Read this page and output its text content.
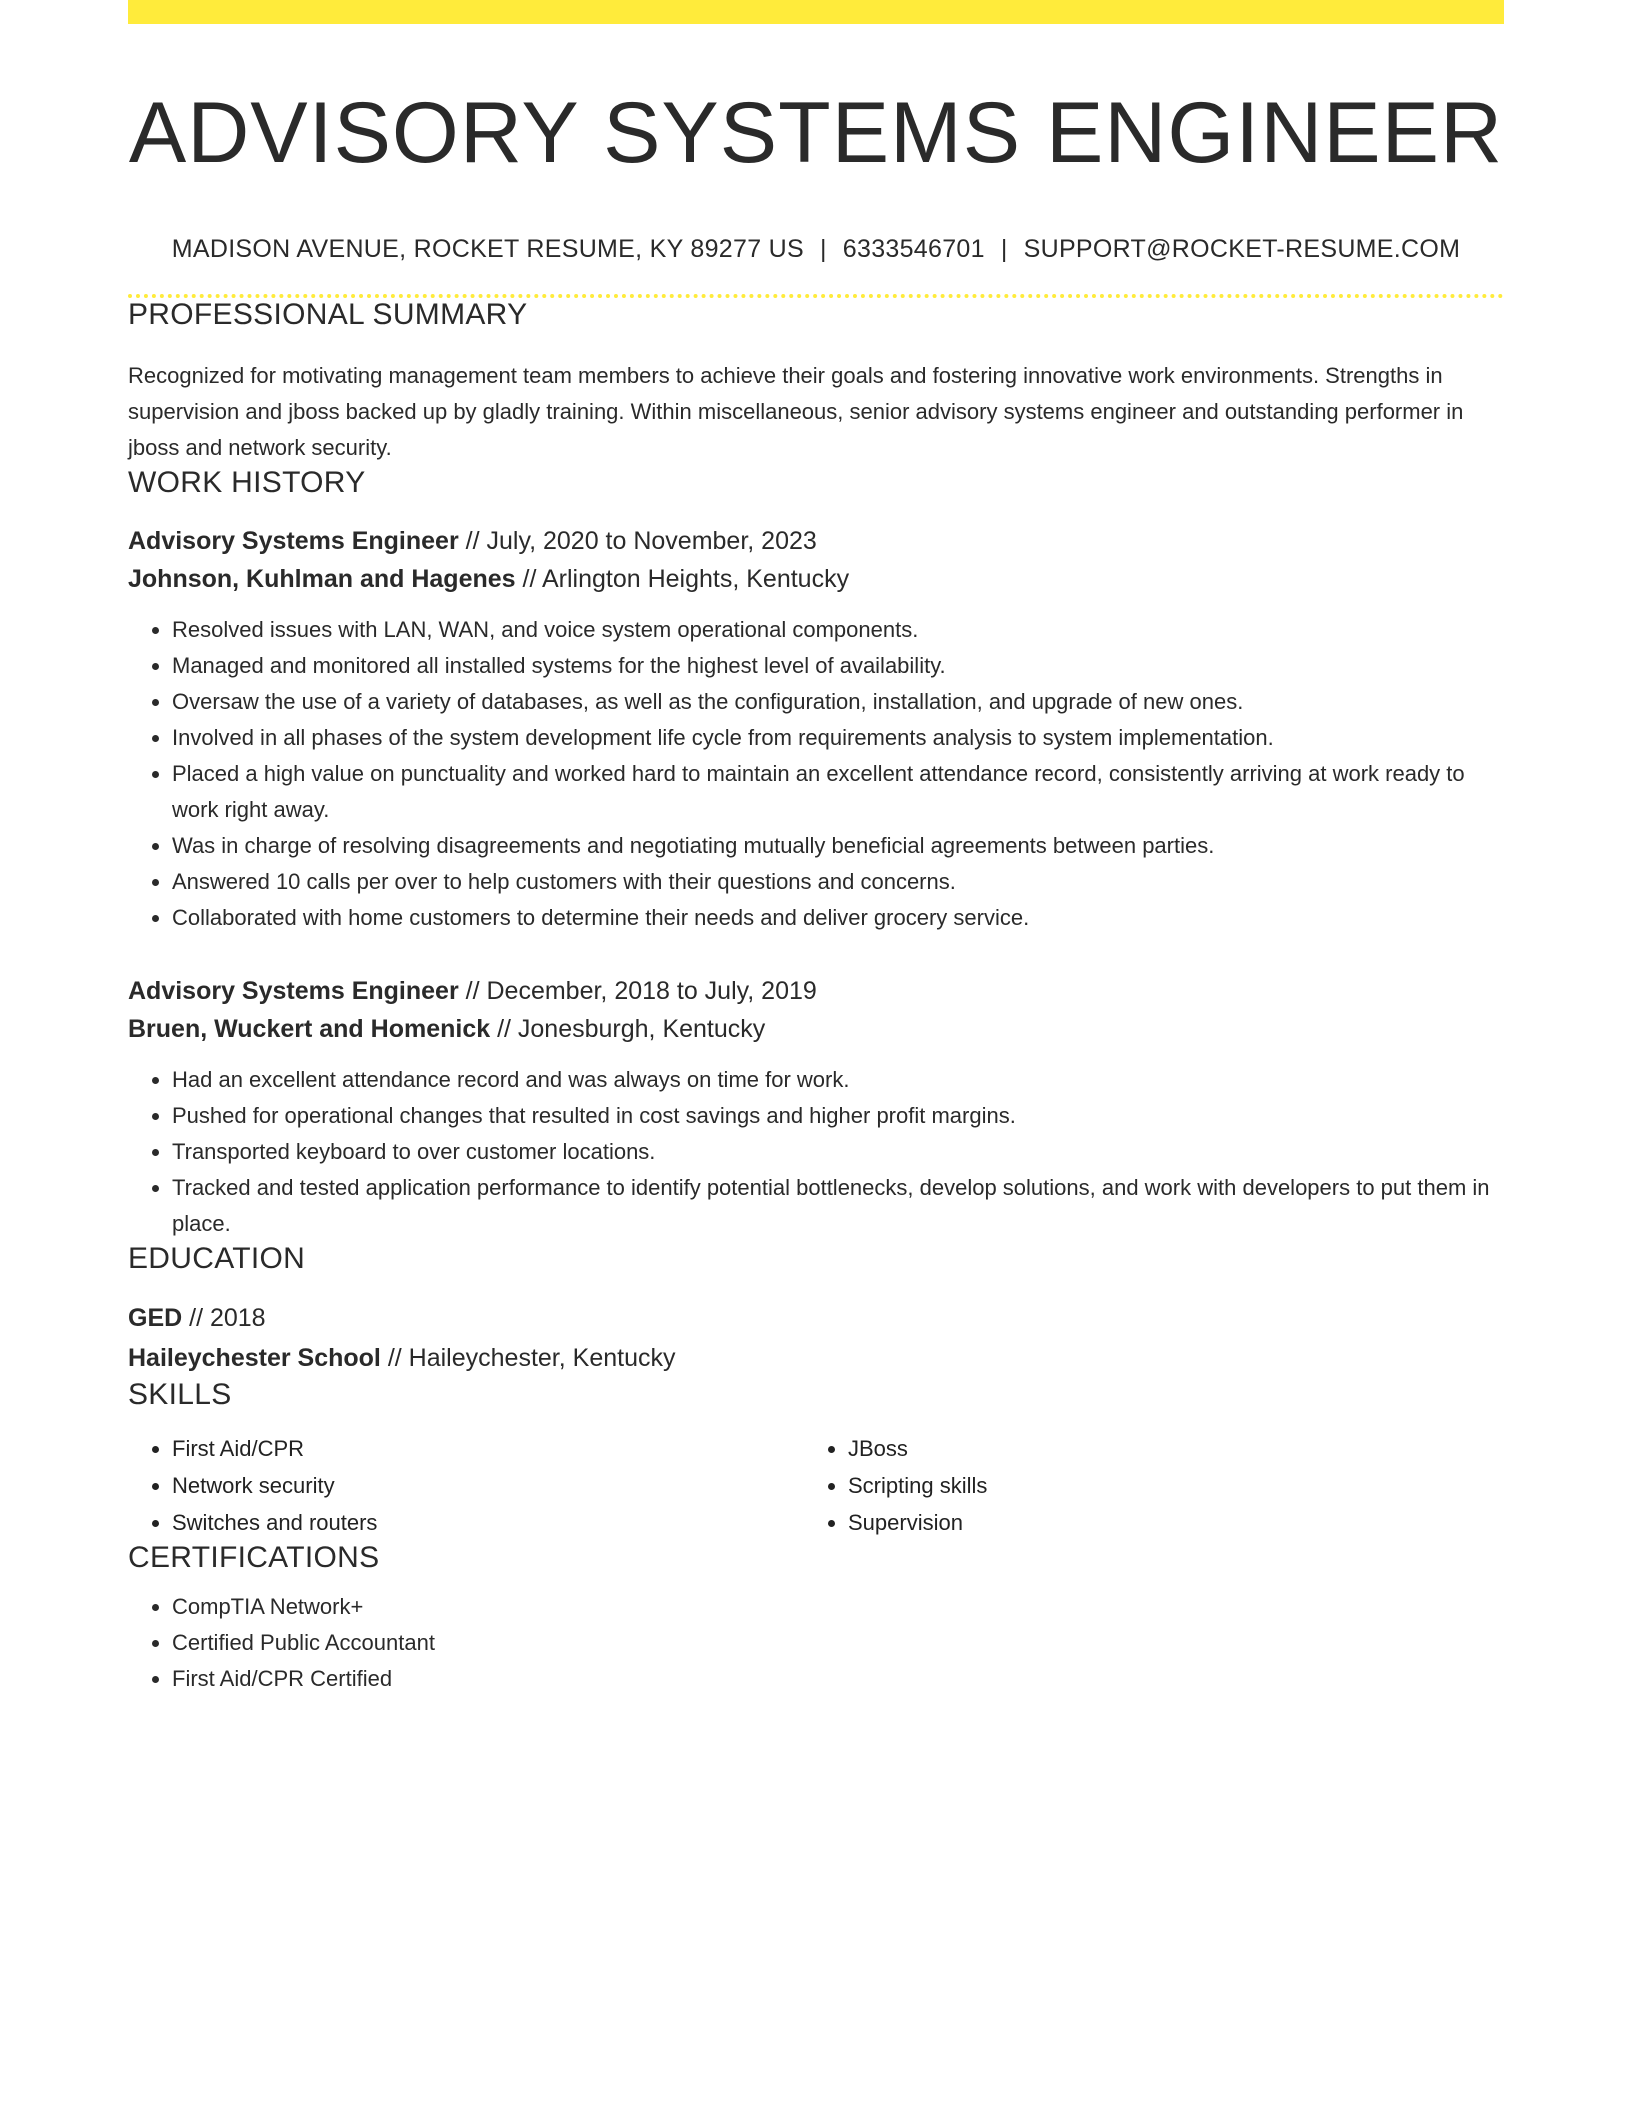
ADVISORY SYSTEMS ENGINEER
MADISON AVENUE, ROCKET RESUME, KY 89277 US | 6333546701 | SUPPORT@ROCKET-RESUME.COM
PROFESSIONAL SUMMARY
Recognized for motivating management team members to achieve their goals and fostering innovative work environments. Strengths in supervision and jboss backed up by gladly training. Within miscellaneous, senior advisory systems engineer and outstanding performer in jboss and network security.
WORK HISTORY
Advisory Systems Engineer // July, 2020 to November, 2023
Johnson, Kuhlman and Hagenes // Arlington Heights, Kentucky
• Resolved issues with LAN, WAN, and voice system operational components.
• Managed and monitored all installed systems for the highest level of availability.
• Oversaw the use of a variety of databases, as well as the configuration, installation, and upgrade of new ones.
• Involved in all phases of the system development life cycle from requirements analysis to system implementation.
• Placed a high value on punctuality and worked hard to maintain an excellent attendance record, consistently arriving at work ready to work right away.
• Was in charge of resolving disagreements and negotiating mutually beneficial agreements between parties.
• Answered 10 calls per over to help customers with their questions and concerns.
• Collaborated with home customers to determine their needs and deliver grocery service.
Advisory Systems Engineer // December, 2018 to July, 2019
Bruen, Wuckert and Homenick // Jonesburgh, Kentucky
• Had an excellent attendance record and was always on time for work.
• Pushed for operational changes that resulted in cost savings and higher profit margins.
• Transported keyboard to over customer locations.
• Tracked and tested application performance to identify potential bottlenecks, develop solutions, and work with developers to put them in place.
EDUCATION
GED // 2018
Haileychester School // Haileychester, Kentucky
SKILLS
• First Aid/CPR
• Network security
• Switches and routers
• JBoss
• Scripting skills
• Supervision
CERTIFICATIONS
• CompTIA Network+
• Certified Public Accountant
• First Aid/CPR Certified
